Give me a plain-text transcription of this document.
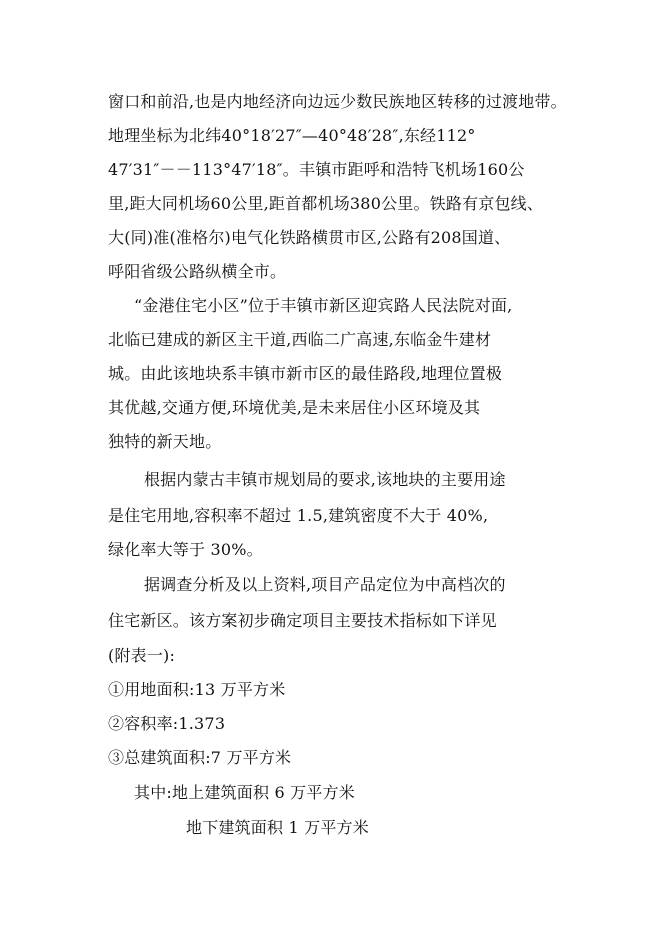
窗口和前沿,也是内地经济向边远少数民族地区转移的过渡地带。
地理坐标为北纬40°18′27″—40°48′28″,东经112°
47′31″－－113°47′18″。丰镇市距呼和浩特飞机场160公
里,距大同机场60公里,距首都机场380公里。铁路有京包线、
大(同)准(准格尔)电气化铁路横贯市区,公路有208国道、
呼阳省级公路纵横全市。
“金港住宅小区”位于丰镇市新区迎宾路人民法院对面,
北临已建成的新区主干道,西临二广高速,东临金牛建材
城。由此该地块系丰镇市新市区的最佳路段,地理位置极
其优越,交通方便,环境优美,是未来居住小区环境及其
独特的新天地。
根据内蒙古丰镇市规划局的要求,该地块的主要用途
是住宅用地,容积率不超过 1.5,建筑密度不大于 40%,
绿化率大等于 30%。
据调查分析及以上资料,项目产品定位为中高档次的
住宅新区。该方案初步确定项目主要技术指标如下详见
(附表一):
①用地面积:13 万平方米
②容积率:1.373
③总建筑面积:7 万平方米
其中:地上建筑面积 6 万平方米
地下建筑面积 1 万平方米
